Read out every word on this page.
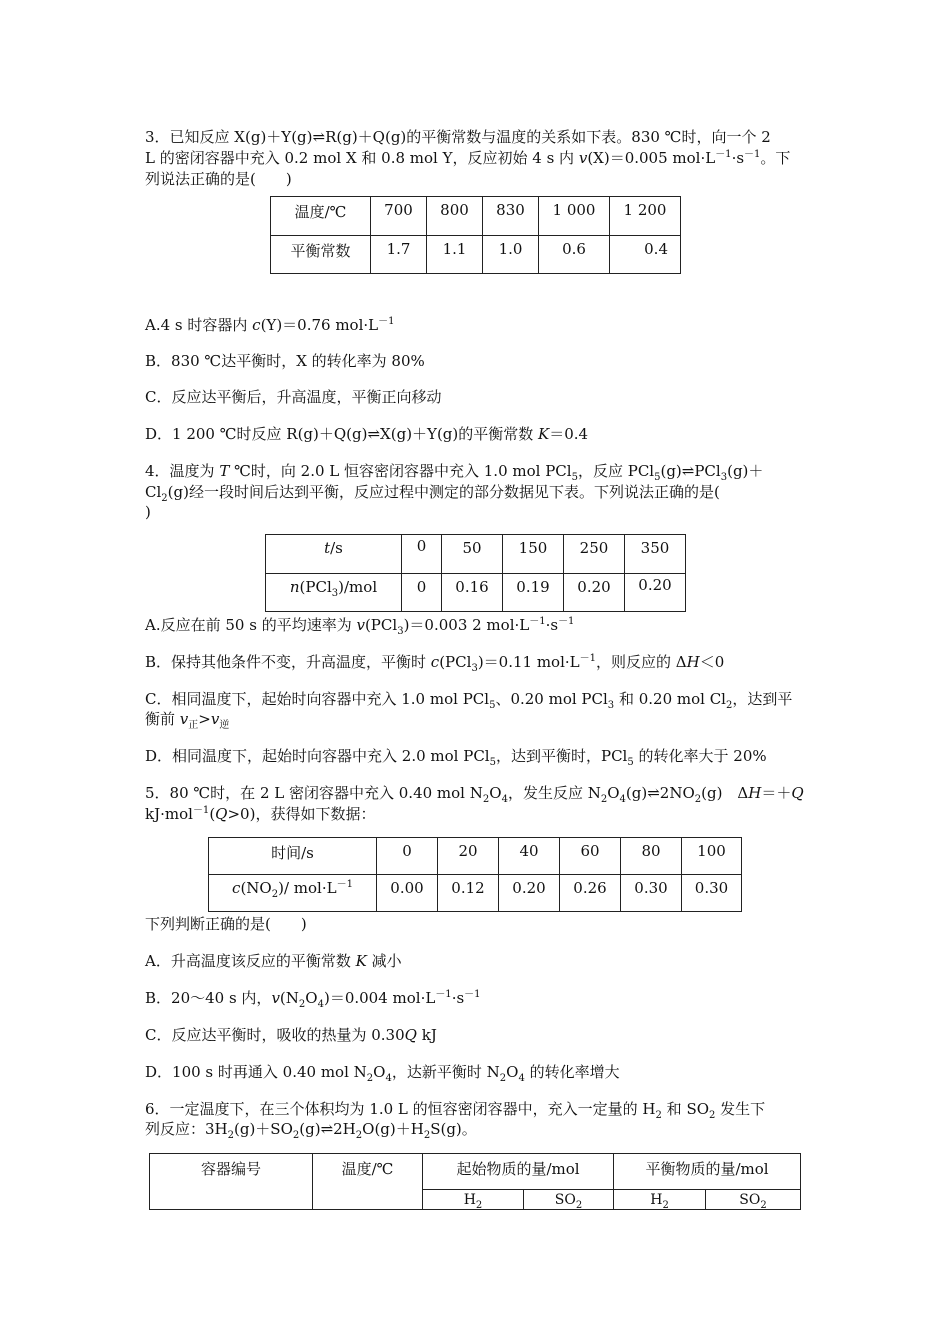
3．已知反应 X(g)＋Y(g)⇌R(g)＋Q(g)的平衡常数与温度的关系如下表。830 ℃时，向一个 2
L 的密闭容器中充入 0.2 mol X 和 0.8 mol Y，反应初始 4 s 内 v(X)＝0.005 $mol\cdot L^{-1}\cdot s^{-1}$。下
列说法正确的是(　　)
温度/℃	700	800	830	1 000	1 200
平衡常数	1.7	1.1	1.0	0.6	0.4
A.4 s 时容器内 c(Y)＝0.76 $mol\cdot L^{-1}$
B．830 ℃达平衡时，X 的转化率为 80%
C．反应达平衡后，升高温度，平衡正向移动
D．1 200 ℃时反应 R(g)＋Q(g)⇌X(g)＋Y(g)的平衡常数 K＝0.4
4．温度为 T ℃时，向 2.0 L 恒容密闭容器中充入 1.0 mol PCl$_5$，反应 PCl$_5$(g)⇌PCl$_3$(g)＋
$Cl_2(g)$经一段时间后达到平衡，反应过程中测定的部分数据见下表。下列说法正确的是(
)
t/s	0	50	150	250	350
n(PCl$_3$)/mol	0	0.16	0.19	0.20	0.20
A.反应在前 50 s 的平均速率为 v(PCl$_3$)＝0.003 2 $mol\cdot L^{-1}\cdot s^{-1}$
B．保持其他条件不变，升高温度，平衡时 c(PCl$_3$)＝0.11 $mol\cdot L^{-1}$，则反应的 ΔH＜0
C．相同温度下，起始时向容器中充入 1.0 mol PCl$_5$、0.20 mol PCl$_3$ 和 0.20 mol $Cl_2$，达到平
衡前 $v_正>v_逆$
D．相同温度下，起始时向容器中充入 2.0 mol PCl$_5$，达到平衡时，PCl$_5$ 的转化率大于 20%
5．80 ℃时，在 2 L 密闭容器中充入 0.40 mol $N_2O_4$，发生反应 $N_2O_4(g)\rightleftharpoons 2NO_2(g)$　ΔH＝＋Q
kJ·mol$^{-1}$(Q>0)，获得如下数据：
时间/s	0	20	40	60	80	100
$c(NO_2)/$ $mol\cdot L^{-1}$	0.00	0.12	0.20	0.26	0.30	0.30
下列判断正确的是(　　)
A．升高温度该反应的平衡常数 K 减小
B．20～40 s 内，$v(N_2O_4)=0.004$ $mol\cdot L^{-1}\cdot s^{-1}$
C．反应达平衡时，吸收的热量为 0.30Q kJ
D．100 s 时再通入 0.40 mol $N_2O_4$，达新平衡时 $N_2O_4$ 的转化率增大
6．一定温度下，在三个体积均为 1.0 L 的恒容密闭容器中，充入一定量的 $H_2$ 和 $SO_2$ 发生下
列反应：$3H_2(g)+SO_2(g)\rightleftharpoons 2H_2O(g)+H_2S(g)$。
容器编号	温度/℃	起始物质的量/mol		平衡物质的量/mol	
		$H_2$	$SO_2$	$H_2$	$SO_2$
